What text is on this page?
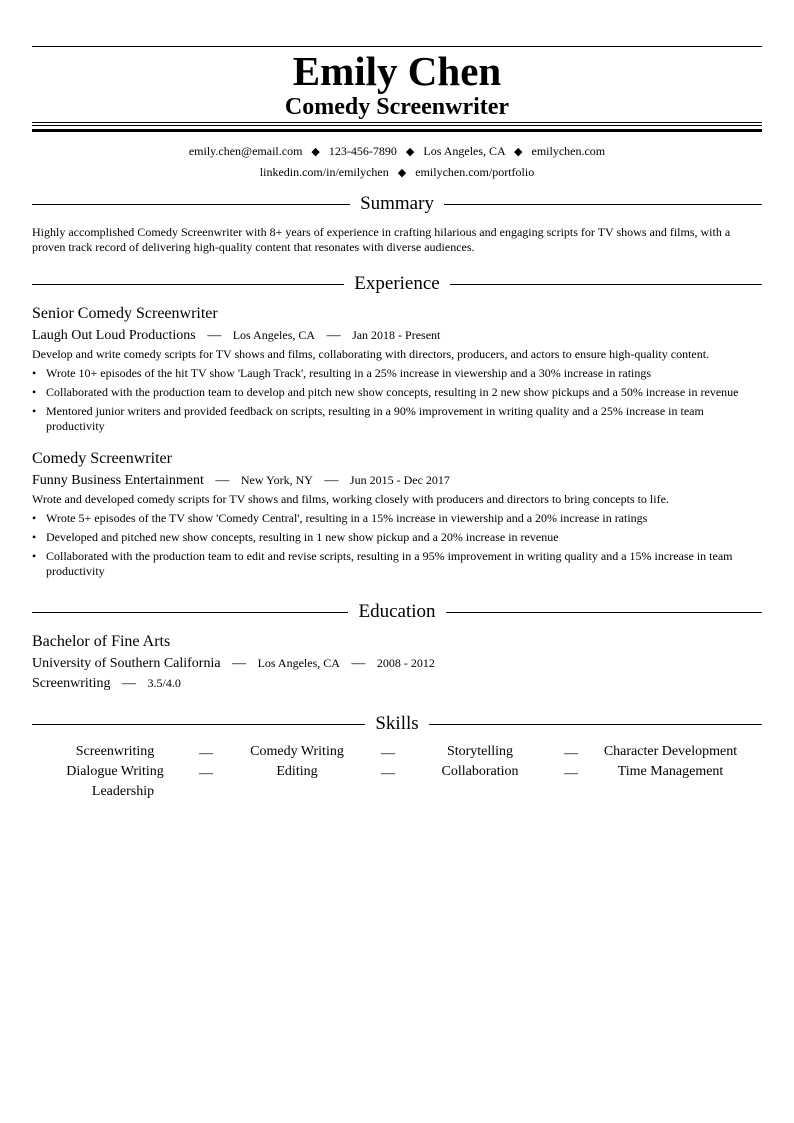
Emily Chen
Comedy Screenwriter
emily.chen@email.com ◆ 123-456-7890 ◆ Los Angeles, CA ◆ emilychen.com
linkedin.com/in/emilychen ◆ emilychen.com/portfolio
Summary
Highly accomplished Comedy Screenwriter with 8+ years of experience in crafting hilarious and engaging scripts for TV shows and films, with a proven track record of delivering high-quality content that resonates with diverse audiences.
Experience
Senior Comedy Screenwriter
Laugh Out Loud Productions — Los Angeles, CA — Jan 2018 - Present
Develop and write comedy scripts for TV shows and films, collaborating with directors, producers, and actors to ensure high-quality content.
• Wrote 10+ episodes of the hit TV show 'Laugh Track', resulting in a 25% increase in viewership and a 30% increase in ratings
• Collaborated with the production team to develop and pitch new show concepts, resulting in 2 new show pickups and a 50% increase in revenue
• Mentored junior writers and provided feedback on scripts, resulting in a 90% improvement in writing quality and a 25% increase in team productivity
Comedy Screenwriter
Funny Business Entertainment — New York, NY — Jun 2015 - Dec 2017
Wrote and developed comedy scripts for TV shows and films, working closely with producers and directors to bring concepts to life.
• Wrote 5+ episodes of the TV show 'Comedy Central', resulting in a 15% increase in viewership and a 20% increase in ratings
• Developed and pitched new show concepts, resulting in 1 new show pickup and a 20% increase in revenue
• Collaborated with the production team to edit and revise scripts, resulting in a 95% improvement in writing quality and a 15% increase in team productivity
Education
Bachelor of Fine Arts
University of Southern California — Los Angeles, CA — 2008 - 2012
Screenwriting — 3.5/4.0
Skills
Screenwriting	—	Comedy Writing	—	Storytelling	—	Character Development
Dialogue Writing	—	Editing	—	Collaboration	—	Time Management
Leadership
